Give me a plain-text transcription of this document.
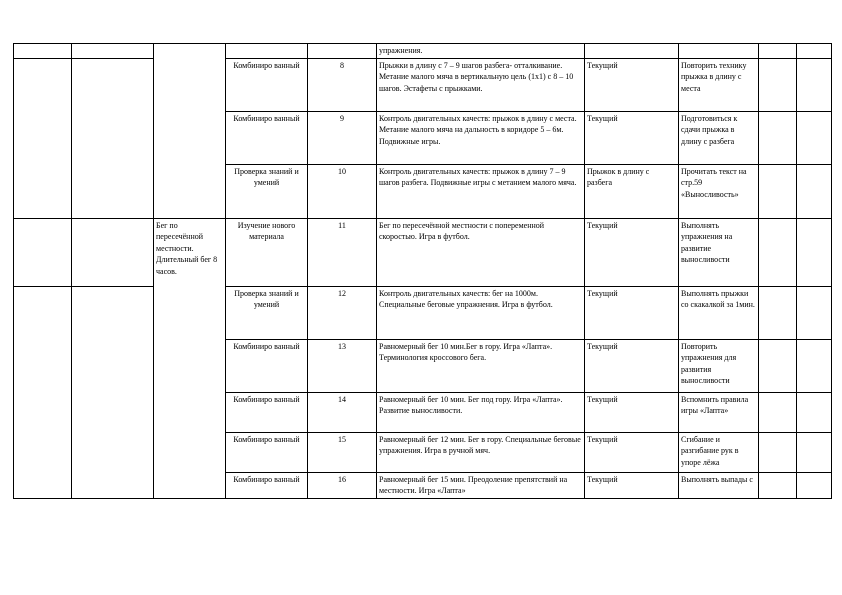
					упражнения.				
			Комбиниро ванный	8	Прыжки в длину с 7 – 9 шагов разбега- отталкивание. Метание малого мяча в вертикальную цель (1х1) с 8 – 10 шагов. Эстафеты с прыжками.	Текущий	Повторить технику прыжка в длину с места		
			Комбиниро ванный	9	Контроль двигательных качеств: прыжок в длину с места. Метание малого мяча на дальность в коридоре 5 – 6м. Подвижные игры.	Текущий	Подготовиться к сдачи прыжка в длину с разбега		
			Проверка знаний и умений	10	Контроль двигательных качеств: прыжок в длину 7 – 9 шагов разбега. Подвижные игры с метанием малого мяча.	Прыжок в длину с разбега	Прочитать текст на стр.59 «Выносливость»		
		Бег по пересечённой местности. Длительный бег 8 часов.	Изучение нового материала	11	Бег по пересечённой местности с попеременной скоростью. Игра в футбол.	Текущий	Выполнять упражнения на развитие выносливости		
			Проверка знаний и умений	12	Контроль двигательных качеств: бег на 1000м. Специальные беговые упражнения. Игра в футбол.	Текущий	Выполнять прыжки со скакалкой за 1мин.		
			Комбиниро ванный	13	Равномерный бег 10 мин.Бег в гору. Игра «Лапта». Терминология кроссового бега.	Текущий	Повторить упражнения для развития выносливости		
			Комбиниро ванный	14	Равномерный бег 10 мин. Бег под гору. Игра «Лапта». Развитие выносливости.	Текущий	Вспомнить правила игры «Лапта»		
			Комбиниро ванный	15	Равномерный бег 12 мин. Бег в гору. Специальные беговые упражнения. Игра в ручной мяч.	Текущий	Сгибание и разгибание рук в упоре лёжа		
			Комбиниро ванный	16	Равномерный бег 15 мин. Преодоление препятствий на местности. Игра «Лапта»	Текущий	Выполнять выпады с		
